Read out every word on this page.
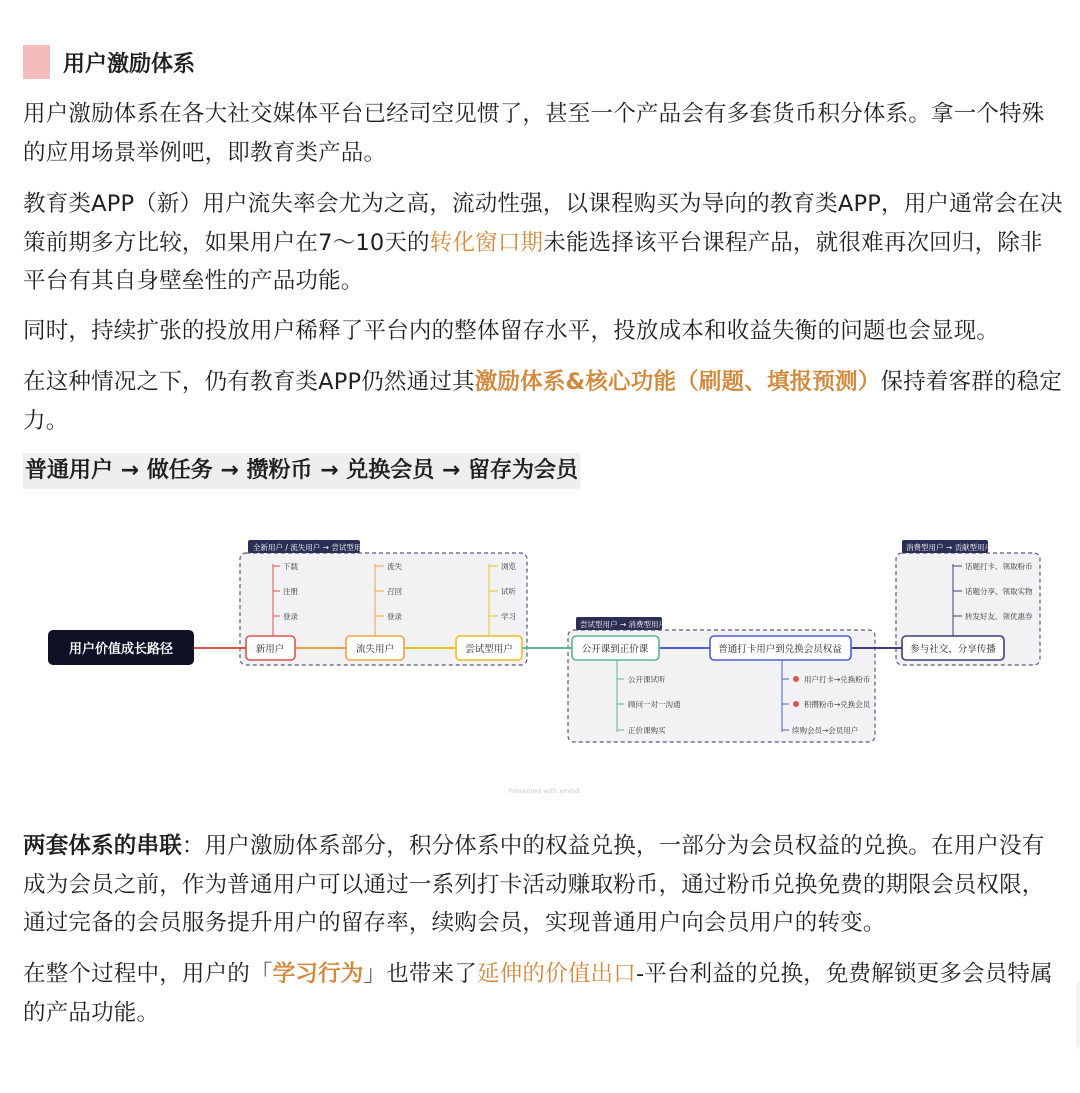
用户激励体系

用户激励体系在各大社交媒体平台已经司空见惯了，甚至一个产品会有多套货币积分体系。拿一个特殊的应用场景举例吧，即教育类产品。

教育类APP（新）用户流失率会尤为之高，流动性强，以课程购买为导向的教育类APP，用户通常会在决策前期多方比较，如果用户在7～10天的转化窗口期未能选择该平台课程产品，就很难再次回归，除非平台有其自身壁垒性的产品功能。

同时，持续扩张的投放用户稀释了平台内的整体留存水平，投放成本和收益失衡的问题也会显现。

在这种情况之下，仍有教育类APP仍然通过其激励体系&核心功能（刷题、填报预测）保持着客群的稳定力。

普通用户 → 做任务 → 攒粉币 → 兑换会员 → 留存为会员
全新用户 / 流失用户 → 尝试型用户
尝试型用户 → 消费型用户
消费型用户 → 贡献型用户
用户价值成长路径	新用户	流失用户	尝试型用户
下载
注册
登录
流失
召回
登录
浏览
试听
学习
公开课到正价课	普通打卡用户到兑换会员权益
公开课试听
顾问一对一沟通
正价课购买
用户打卡→兑换粉币
积攒粉币→兑换会员
续购会员→会员用户
参与社交、分享传播
话题打卡、领取粉币
话题分享、领取实物
转发好友、领优惠券
Presented with xmind

两套体系的串联：用户激励体系部分，积分体系中的权益兑换，一部分为会员权益的兑换。在用户没有成为会员之前，作为普通用户可以通过一系列打卡活动赚取粉币，通过粉币兑换免费的期限会员权限，通过完备的会员服务提升用户的留存率，续购会员，实现普通用户向会员用户的转变。

在整个过程中，用户的「学习行为」也带来了延伸的价值出口-平台利益的兑换，免费解锁更多会员特属的产品功能。
